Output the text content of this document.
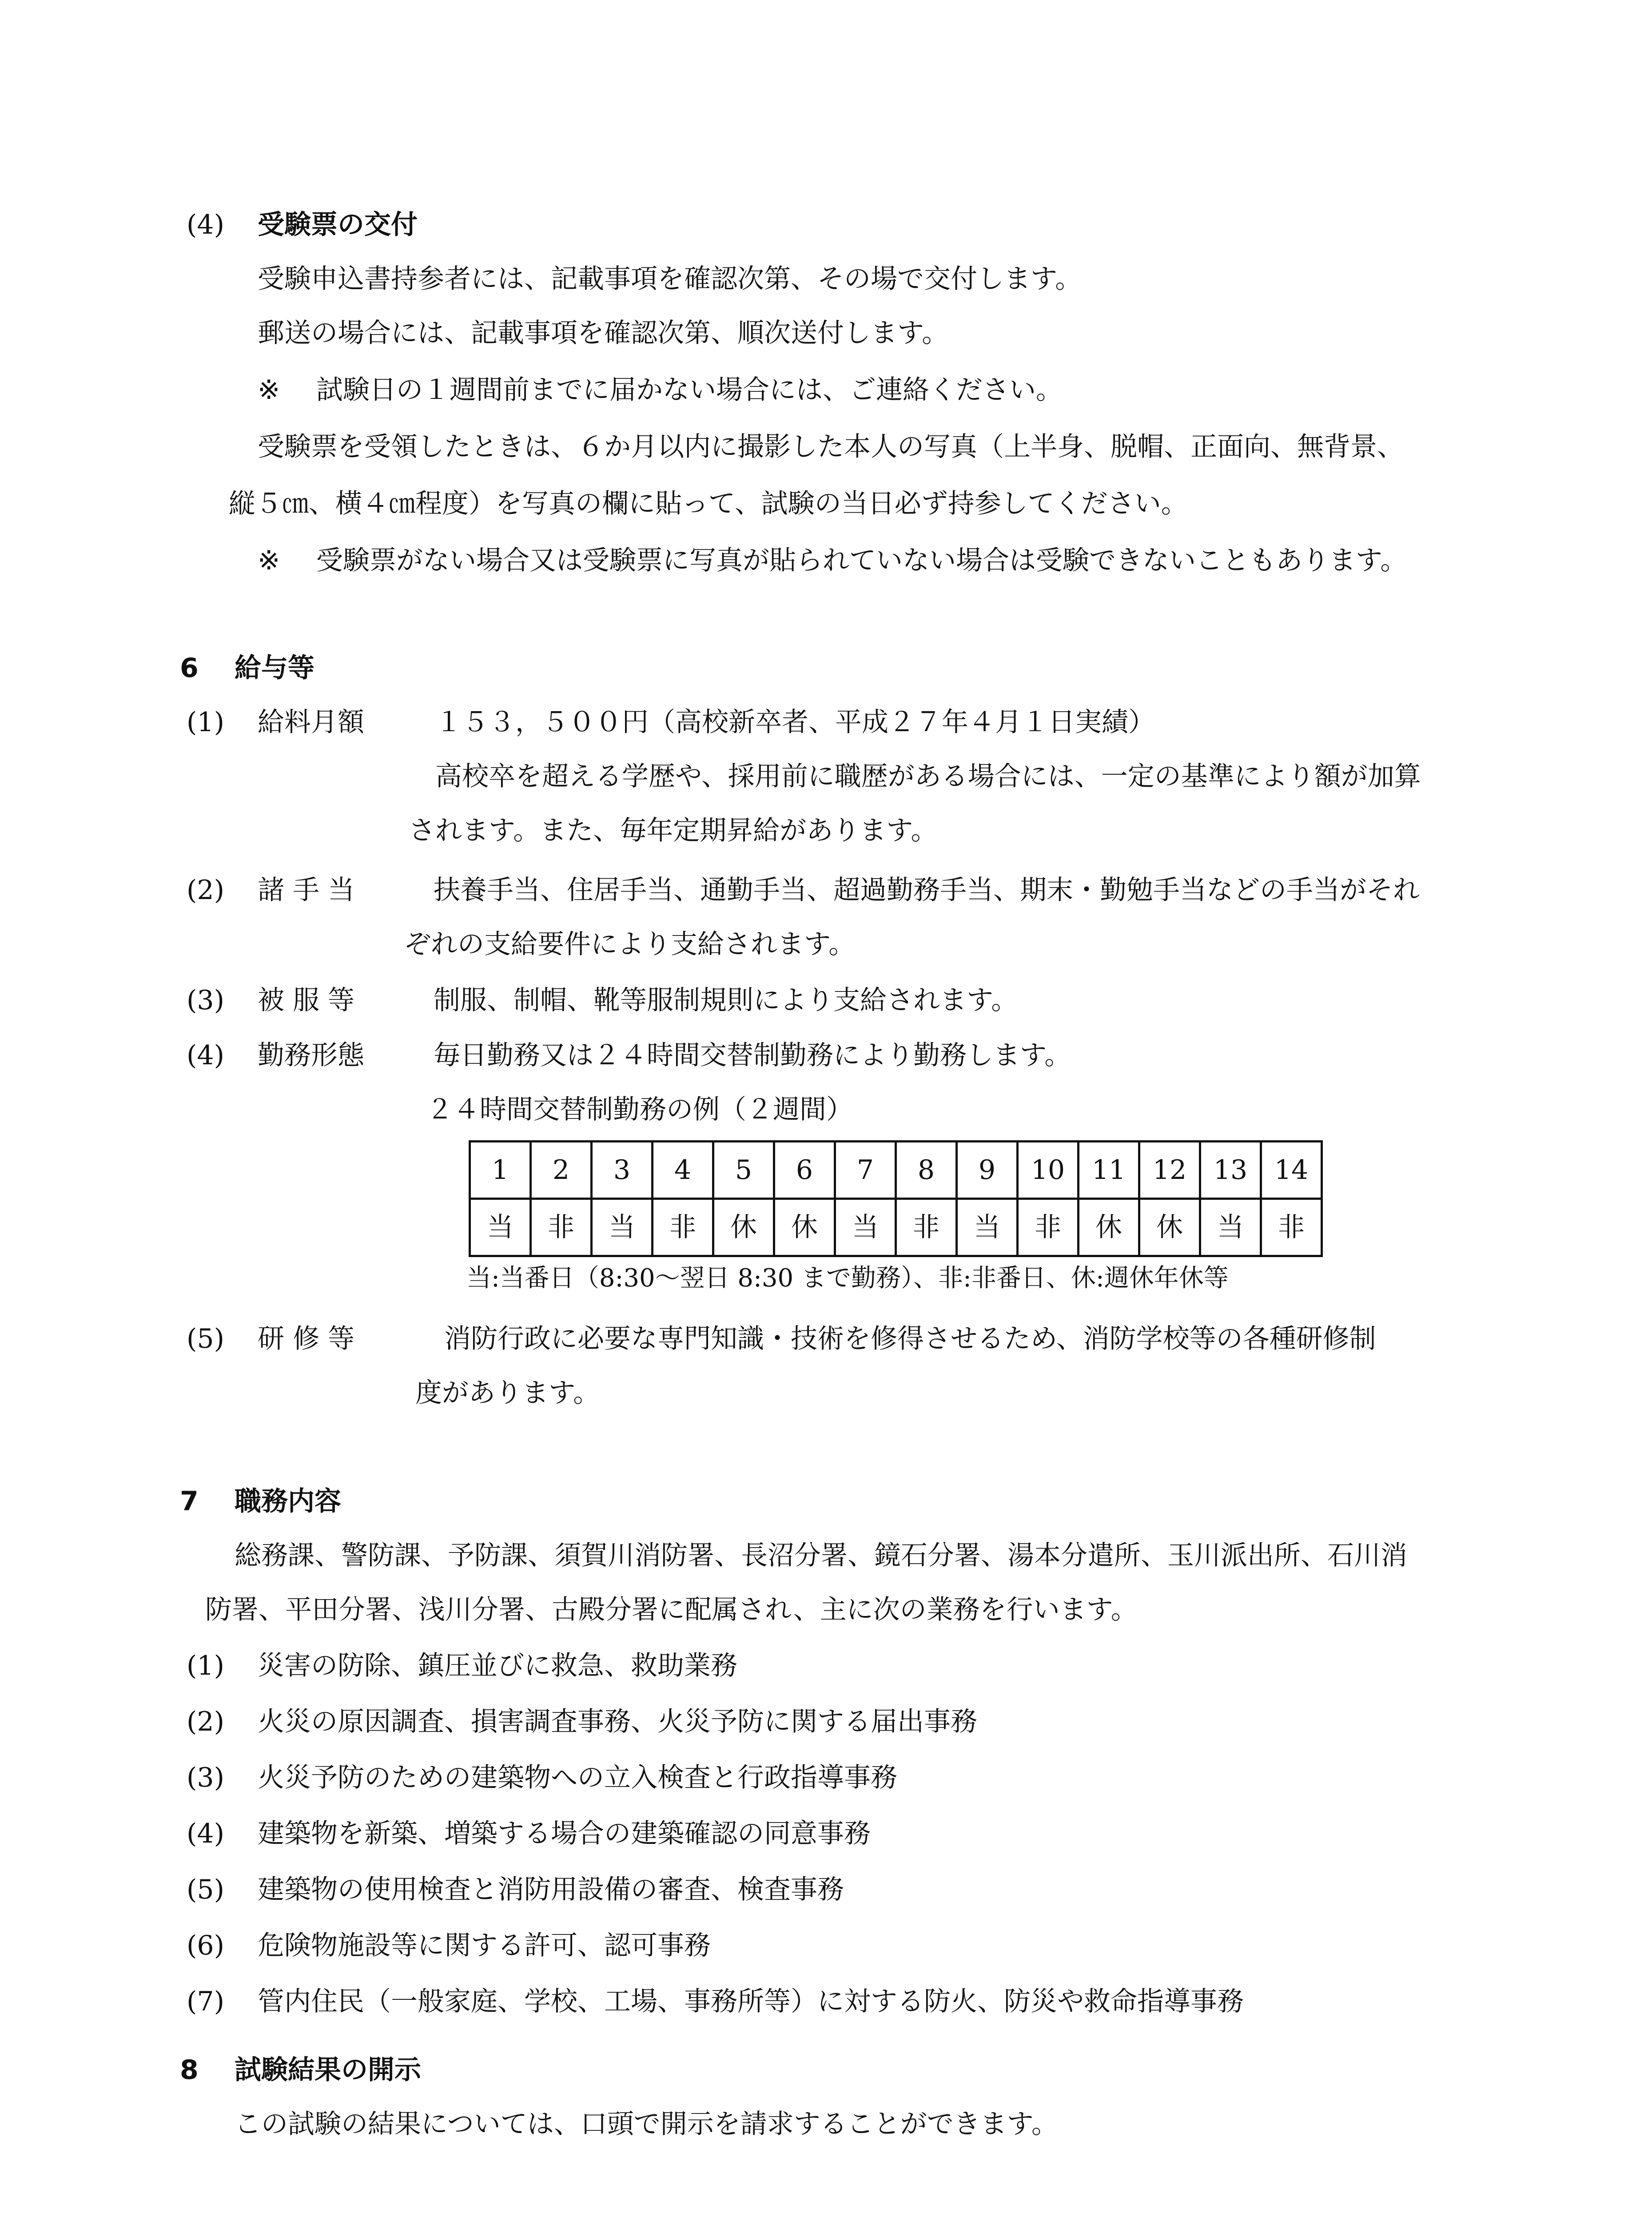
(4) 受験票の交付
受験申込書持参者には、記載事項を確認次第、その場で交付します。
郵送の場合には、記載事項を確認次第、順次送付します。
※ 試験日の１週間前までに届かない場合には、ご連絡ください。
受験票を受領したときは、６か月以内に撮影した本人の写真（上半身、脱帽、正面向、無背景、
縦５㎝、横４㎝程度）を写真の欄に貼って、試験の当日必ず持参してください。
※ 受験票がない場合又は受験票に写真が貼られていない場合は受験できないこともあります。
6 給与等
(1) 給料月額	１５３，５００円（高校新卒者、平成２７年４月１日実績）
高校卒を超える学歴や、採用前に職歴がある場合には、一定の基準により額が加算
されます。また、毎年定期昇給があります。
(2) 諸 手 当	扶養手当、住居手当、通勤手当、超過勤務手当、期末・勤勉手当などの手当がそれ
ぞれの支給要件により支給されます。
(3) 被 服 等	制服、制帽、靴等服制規則により支給されます。
(4) 勤務形態	毎日勤務又は２４時間交替制勤務により勤務します。
２４時間交替制勤務の例（２週間）
1	2	3	4	5	6	7	8	9	10	11	12	13	14
当	非	当	非	休	休	当	非	当	非	休	休	当	非
当:当番日（8:30〜翌日 8:30 まで勤務）、非:非番日、休:週休年休等
(5) 研 修 等	消防行政に必要な専門知識・技術を修得させるため、消防学校等の各種研修制
度があります。
7 職務内容
総務課、警防課、予防課、須賀川消防署、長沼分署、鏡石分署、湯本分遣所、玉川派出所、石川消
防署、平田分署、浅川分署、古殿分署に配属され、主に次の業務を行います。
(1) 災害の防除、鎮圧並びに救急、救助業務
(2) 火災の原因調査、損害調査事務、火災予防に関する届出事務
(3) 火災予防のための建築物への立入検査と行政指導事務
(4) 建築物を新築、増築する場合の建築確認の同意事務
(5) 建築物の使用検査と消防用設備の審査、検査事務
(6) 危険物施設等に関する許可、認可事務
(7) 管内住民（一般家庭、学校、工場、事務所等）に対する防火、防災や救命指導事務
8 試験結果の開示
この試験の結果については、口頭で開示を請求することができます。
